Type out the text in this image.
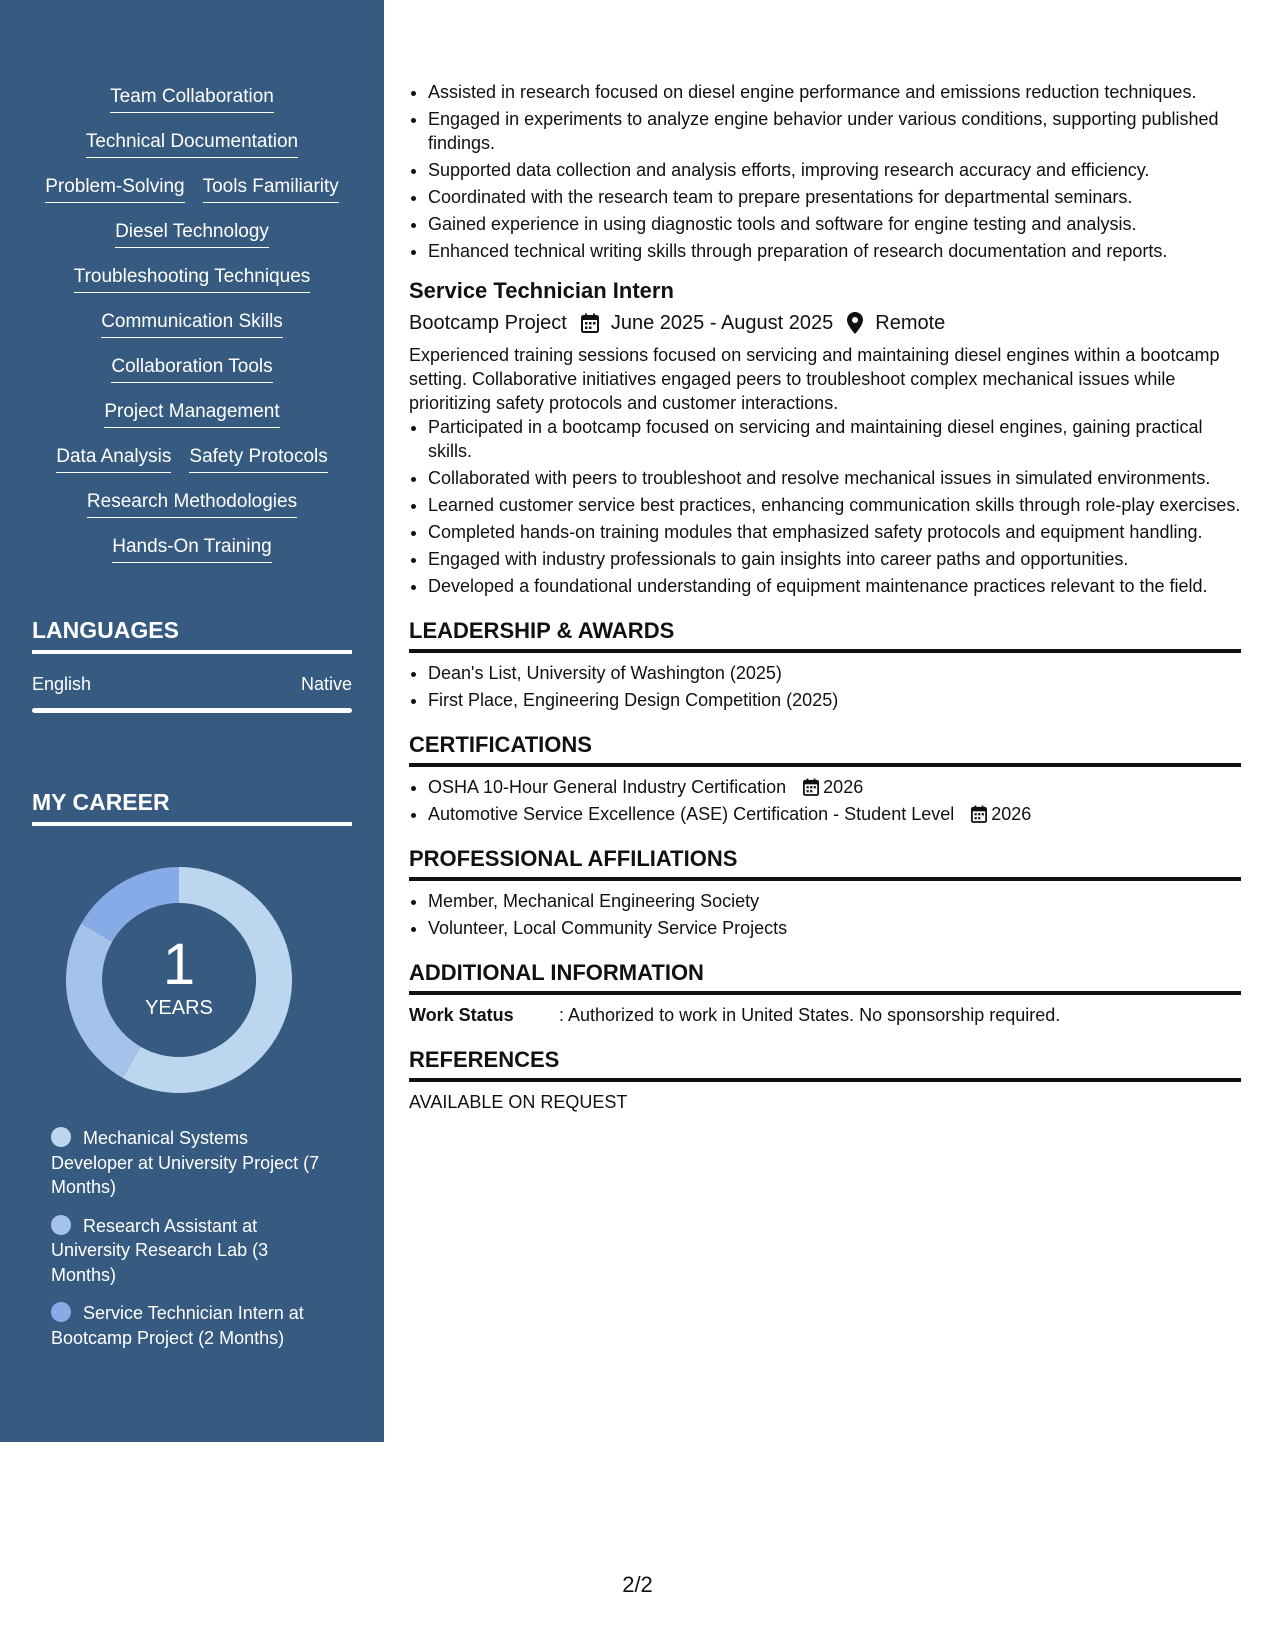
Team Collaboration
Technical Documentation
Problem-Solving Tools Familiarity
Diesel Technology
Troubleshooting Techniques
Communication Skills
Collaboration Tools
Project Management
Data Analysis Safety Protocols
Research Methodologies
Hands-On Training
LANGUAGES
English	Native
MY CAREER
1
YEARS
Mechanical Systems Developer at University Project (7 Months)
Research Assistant at University Research Lab (3 Months)
Service Technician Intern at Bootcamp Project (2 Months)
• Assisted in research focused on diesel engine performance and emissions reduction techniques.
• Engaged in experiments to analyze engine behavior under various conditions, supporting published findings.
• Supported data collection and analysis efforts, improving research accuracy and efficiency.
• Coordinated with the research team to prepare presentations for departmental seminars.
• Gained experience in using diagnostic tools and software for engine testing and analysis.
• Enhanced technical writing skills through preparation of research documentation and reports.
Service Technician Intern
Bootcamp Project June 2025 - August 2025 Remote
Experienced training sessions focused on servicing and maintaining diesel engines within a bootcamp setting. Collaborative initiatives engaged peers to troubleshoot complex mechanical issues while prioritizing safety protocols and customer interactions.
• Participated in a bootcamp focused on servicing and maintaining diesel engines, gaining practical skills.
• Collaborated with peers to troubleshoot and resolve mechanical issues in simulated environments.
• Learned customer service best practices, enhancing communication skills through role-play exercises.
• Completed hands-on training modules that emphasized safety protocols and equipment handling.
• Engaged with industry professionals to gain insights into career paths and opportunities.
• Developed a foundational understanding of equipment maintenance practices relevant to the field.
LEADERSHIP & AWARDS
• Dean's List, University of Washington (2025)
• First Place, Engineering Design Competition (2025)
CERTIFICATIONS
• OSHA 10-Hour General Industry Certification 2026
• Automotive Service Excellence (ASE) Certification - Student Level 2026
PROFESSIONAL AFFILIATIONS
• Member, Mechanical Engineering Society
• Volunteer, Local Community Service Projects
ADDITIONAL INFORMATION
Work Status	: Authorized to work in United States. No sponsorship required.
REFERENCES
AVAILABLE ON REQUEST
2/2
